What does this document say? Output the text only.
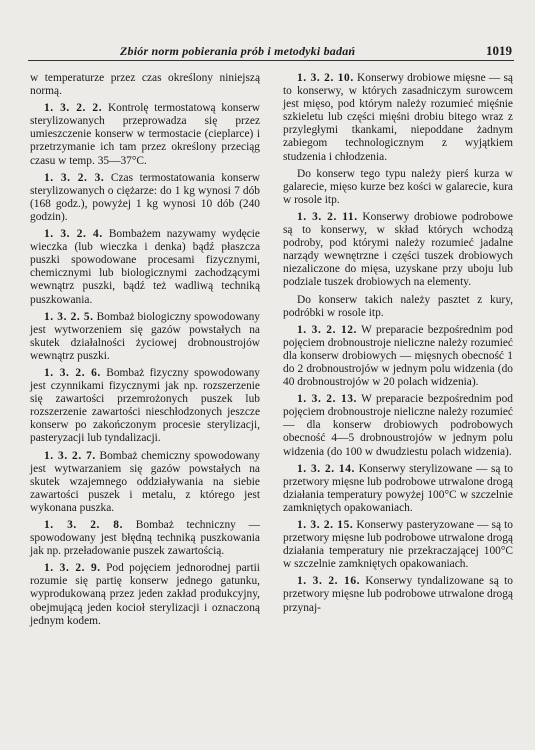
Zbiór norm pobierania prób i metodyki badań	1019

w temperaturze przez czas określony niniejszą normą.

1. 3. 2. 2. Kontrolę termostatową konserw sterylizowanych przeprowadza się przez umieszczenie konserw w termostacie (cieplarce) i przetrzymanie ich tam przez określony przeciąg czasu w temp. 35—37°C.

1. 3. 2. 3. Czas termostatowania konserw sterylizowanych o ciężarze: do 1 kg wynosi 7 dób (168 godz.), powyżej 1 kg wynosi 10 dób (240 godzin).

1. 3. 2. 4. Bombażem nazywamy wydęcie wieczka (lub wieczka i denka) bądź płaszcza puszki spowodowane procesami fizycznymi, chemicznymi lub biologicznymi zachodzącymi wewnątrz puszki, bądź też wadliwą techniką puszkowania.

1. 3. 2. 5. Bombaż biologiczny spowodowany jest wytworzeniem się gazów powstałych na skutek działalności życiowej drobnoustrojów wewnątrz puszki.

1. 3. 2. 6. Bombaż fizyczny spowodowany jest czynnikami fizycznymi jak np. rozszerzenie się zawartości przemrożonych puszek lub rozszerzenie zawartości nieschłodzonych jeszcze konserw po zakończonym procesie sterylizacji, pasteryzacji lub tyndalizacji.

1. 3. 2. 7. Bombaż chemiczny spowodowany jest wytwarzaniem się gazów powstałych na skutek wzajemnego oddziaływania na siebie zawartości puszek i metalu, z którego jest wykonana puszka.

1. 3. 2. 8. Bombaż techniczny — spowodowany jest błędną techniką puszkowania jak np. przeładowanie puszek zawartością.

1. 3. 2. 9. Pod pojęciem jednorodnej partii rozumie się partię konserw jednego gatunku, wyprodukowaną przez jeden zakład produkcyjny, obejmującą jeden kocioł sterylizacji i oznaczoną jednym kodem.

1. 3. 2. 10. Konserwy drobiowe mięsne — są to konserwy, w których zasadniczym surowcem jest mięso, pod którym należy rozumieć mięśnie szkieletu lub części mięśni drobiu bitego wraz z przyległymi tkankami, niepoddane żadnym zabiegom technologicznym z wyjątkiem studzenia i chłodzenia.

Do konserw tego typu należy pierś kurza w galarecie, mięso kurze bez kości w galarecie, kura w rosole itp.

1. 3. 2. 11. Konserwy drobiowe podrobowe są to konserwy, w skład których wchodzą podroby, pod którymi należy rozumieć jadalne narządy wewnętrzne i części tuszek drobiowych niezaliczone do mięsa, uzyskane przy uboju lub podziale tuszek drobiowych na elementy.

Do konserw takich należy pasztet z kury, podróbki w rosole itp.

1. 3. 2. 12. W preparacie bezpośrednim pod pojęciem drobnoustroje nieliczne należy rozumieć dla konserw drobiowych — mięsnych obecność 1 do 2 drobnoustrojów w jednym polu widzenia (do 40 drobnoustrojów w 20 polach widzenia).

1. 3. 2. 13. W preparacie bezpośrednim pod pojęciem drobnoustroje nieliczne należy rozumieć — dla konserw drobiowych podrobowych obecność 4—5 drobnoustrojów w jednym polu widzenia (do 100 w dwudziestu polach widzenia).

1. 3. 2. 14. Konserwy sterylizowane — są to przetwory mięsne lub podrobowe utrwalone drogą działania temperatury powyżej 100°C w szczelnie zamkniętych opakowaniach.

1. 3. 2. 15. Konserwy pasteryzowane — są to przetwory mięsne lub podrobowe utrwalone drogą działania temperatury nie przekraczającej 100°C w szczelnie zamkniętych opakowaniach.

1. 3. 2. 16. Konserwy tyndalizowane są to przetwory mięsne lub podrobowe utrwalone drogą przynaj-
